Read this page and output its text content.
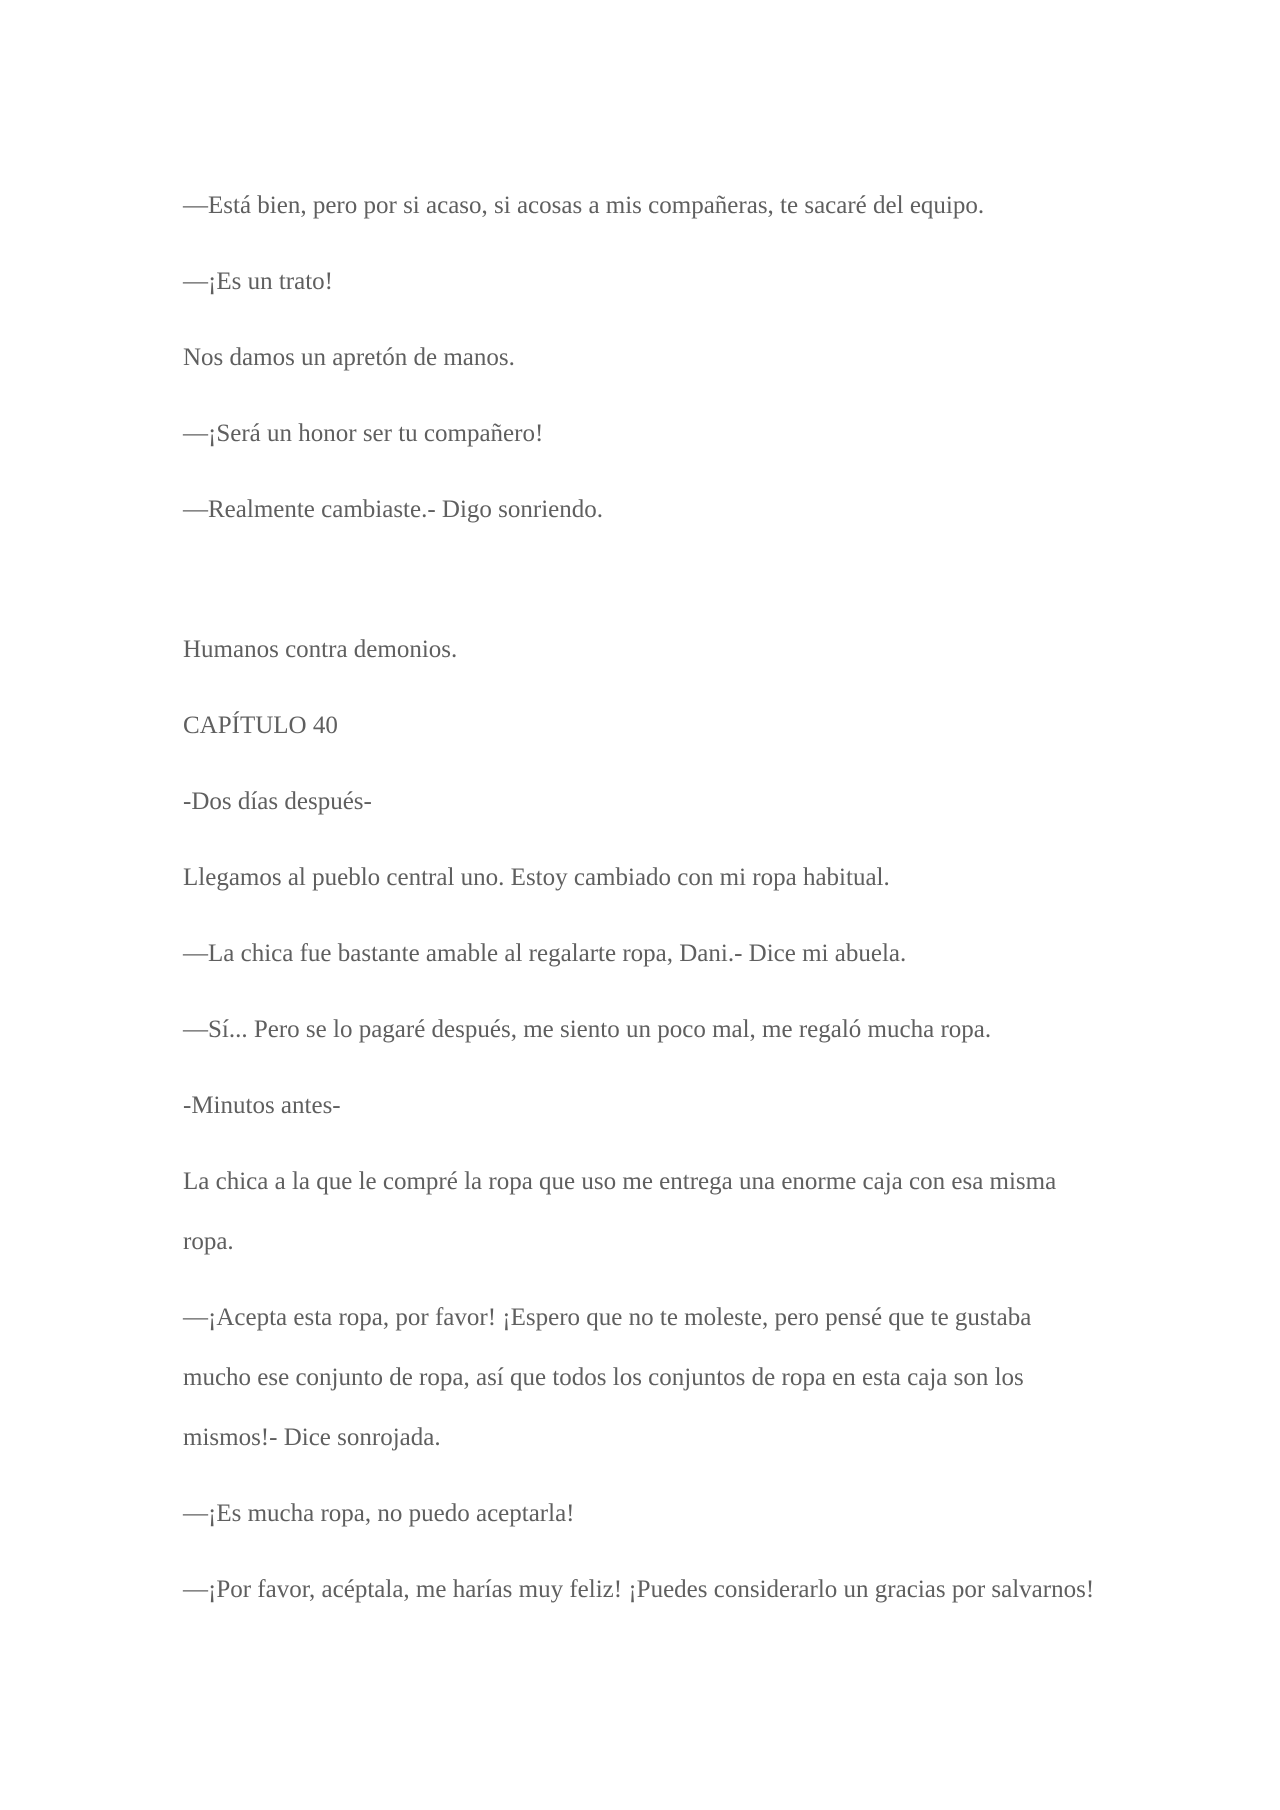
—Está bien, pero por si acaso, si acosas a mis compañeras, te sacaré del equipo.

—¡Es un trato!

Nos damos un apretón de manos.

—¡Será un honor ser tu compañero!

—Realmente cambiaste.- Digo sonriendo.

Humanos contra demonios.

CAPÍTULO 40

-Dos días después-

Llegamos al pueblo central uno. Estoy cambiado con mi ropa habitual.

—La chica fue bastante amable al regalarte ropa, Dani.- Dice mi abuela.

—Sí... Pero se lo pagaré después, me siento un poco mal, me regaló mucha ropa.

-Minutos antes-

La chica a la que le compré la ropa que uso me entrega una enorme caja con esa misma ropa.

—¡Acepta esta ropa, por favor! ¡Espero que no te moleste, pero pensé que te gustaba mucho ese conjunto de ropa, así que todos los conjuntos de ropa en esta caja son los mismos!- Dice sonrojada.

—¡Es mucha ropa, no puedo aceptarla!

—¡Por favor, acéptala, me harías muy feliz! ¡Puedes considerarlo un gracias por salvarnos!
